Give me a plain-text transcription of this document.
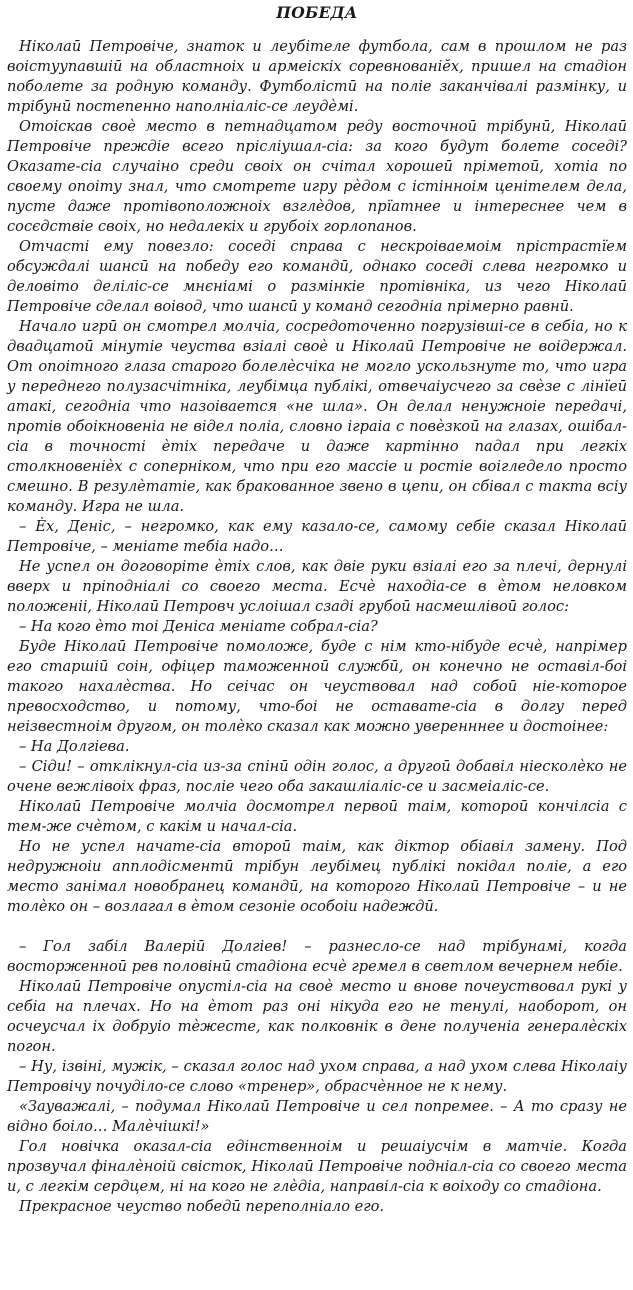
ПОБЕДА

Ніколаӣ Петровіче, знаток и леубітеле футбола, сам в прошлом не раз воістуупавшіӣ на областноіх и армеіскіх соревнованіӗх, пришел на стадіон поболете за родную команду. Футболістӣ на поліе заканчівалі размінку, и трібунӣ постепенно наполніаліс-се леудѐмі.

Отоіскав своѐ место в петнадцатом реду восточноӣ трібунӣ, Ніколаӣ Петровіче преждіе всего прісліушал-сіа: за кого будут болете соседі? Оказате-сіа случаіно среди своіх он счітал хорошеӣ пріметоӣ, хотіа по своему опоіту знал, что смотрете игру рѐдом с істінноім ценітелем дела, пусте даже протівоположноіх взглѐдов, прїатнее и інтереснее чем в сосєдствіе своіх, но недалекіх и грубоіх горлопанов.

Отчасті ему повезло: соседі справа с нескроіваемоім прістрастїем обсуждалі шансӣ на победу его командӣ, однако соседі слева негромко и деловіто деліліс-се мнєніамі о размінкіе протівніка, из чего Ніколаӣ Петровіче сделал воівод, что шансӣ у команд сегодніа прімерно равнӣ.

Начало игрӣ он смотрел молчіа, сосредоточенно погрузівші-се в себіа, но к двадцатоӣ мінутіе чеуства взіалі своѐ и Ніколаӣ Петровіче не воідержал. От опоітного глаза старого болелѐсчіка не могло ускользнуте то, что игра у переднего полузасчітніка, леубімца публікі, отвечаіусчего за свѐзе с лінїеӣ атакі, сегодніа что назоівается «не шла». Он делал ненужноіе передачі, протів обоікновеніа не відел поліа, словно іграіа с повѐзкоӣ на глазах, ошібал-сіа в точності ѐтіх передаче и даже картінно падал при легкіх столкновеніѐх с соперніком, что при его массіе и ростіе воігледелo просто смешно. В резулѐтатіе, как бракованное звено в цепи, он сбівал с такта всіу команду. Игра не шла.

– Ѐх, Деніс, – негромко, как ему казало-се, самому себіе сказал Ніколаӣ Петровіче, – меніате тебіа надо…

Не успел он договоріте ѐтіх слов, как двіе руки взіалі его за плечі, дернулі вверх и пріподніалі со своего места. Есчѐ находіа-се в ѐтом неловком положеніі, Ніколаӣ Петровч услоішал сзаді грубоӣ насмешлівоӣ голос:

– На кого ѐто тоі Деніса меніате собрал-сіа?

Буде Ніколаӣ Петровіче помоложе, буде с нім кто-нібуде есчѐ, напрімер его старшіӣ соін, офіцер таможенноӣ службӣ, он конечно не оставіл-боі такого нахалѐства. Но сеічас он чеуствовал над собоӣ ніе-которое превосходство, и потому, что-боі не оставате-сіа в долгу перед неізвестноім другом, он толѐко сказал как можно уверенннее и достоінее:

– На Долгіева.

– Сіди! – отклікнул-сіа из-за спінӣ одін голос, а другоӣ добавіл ніесколѐко не очене вежлівоіх фраз, посліе чего оба закашліаліс-се и засмеіаліс-се.

Ніколаӣ Петровіче молчіа досмотрел первоӣ таім, котороӣ кончілсіа с тем-же счѐтом, с какім и начал-сіа.

Но не успел начате-сіа второӣ таім, как діктор обіавіл замену. Под недружноіи апплодісментӣ трібун леубімец публікі покідал поліе, а его место занімал новобранец командӣ, на которого Ніколаӣ Петровіче – и не толѐко он – возлагал в ѐтом сезоніе особоіи надеждӣ.

– Гол забіл Валеріӣ Долгіев! – разнесло-се над трібунамі, когда восторженноӣ рев половінӣ стадіона есчѐ гремел в светлом вечернем небіе.

Ніколаӣ Петровіче опустіл-сіа на своѐ место и вновe почеуствовал рукі у себіа на плечах. Но на ѐтот раз оні нікуда его не тенулі, наоборот, он осчеусчал іх добруіо тѐжесте, как полковнік в дене полученіа генералѐскіх погон.

– Ну, ізвіні, мужік, – сказал голос над ухом справа, а над ухом слева Ніколаіу Петровічу почуділо-се слово «тренер», обрасчѐнное не к нему.

«Зауважалі, – подумал Ніколаӣ Петровіче и сел попремее. – А то сразу не відно боіло… Малѐчішкі!»

Гол новічка оказал-сіа едінственноім и решаіусчім в матчіе. Когда прозвучал фіналѐноій свісток, Ніколаӣ Петровіче подніал-сіа со своего места и, с легкім сердцем, ні на кого не глѐдіа, направіл-сіа к воіходу со стадіона.

Прекрасное чеуство победӣ переполніало его.
